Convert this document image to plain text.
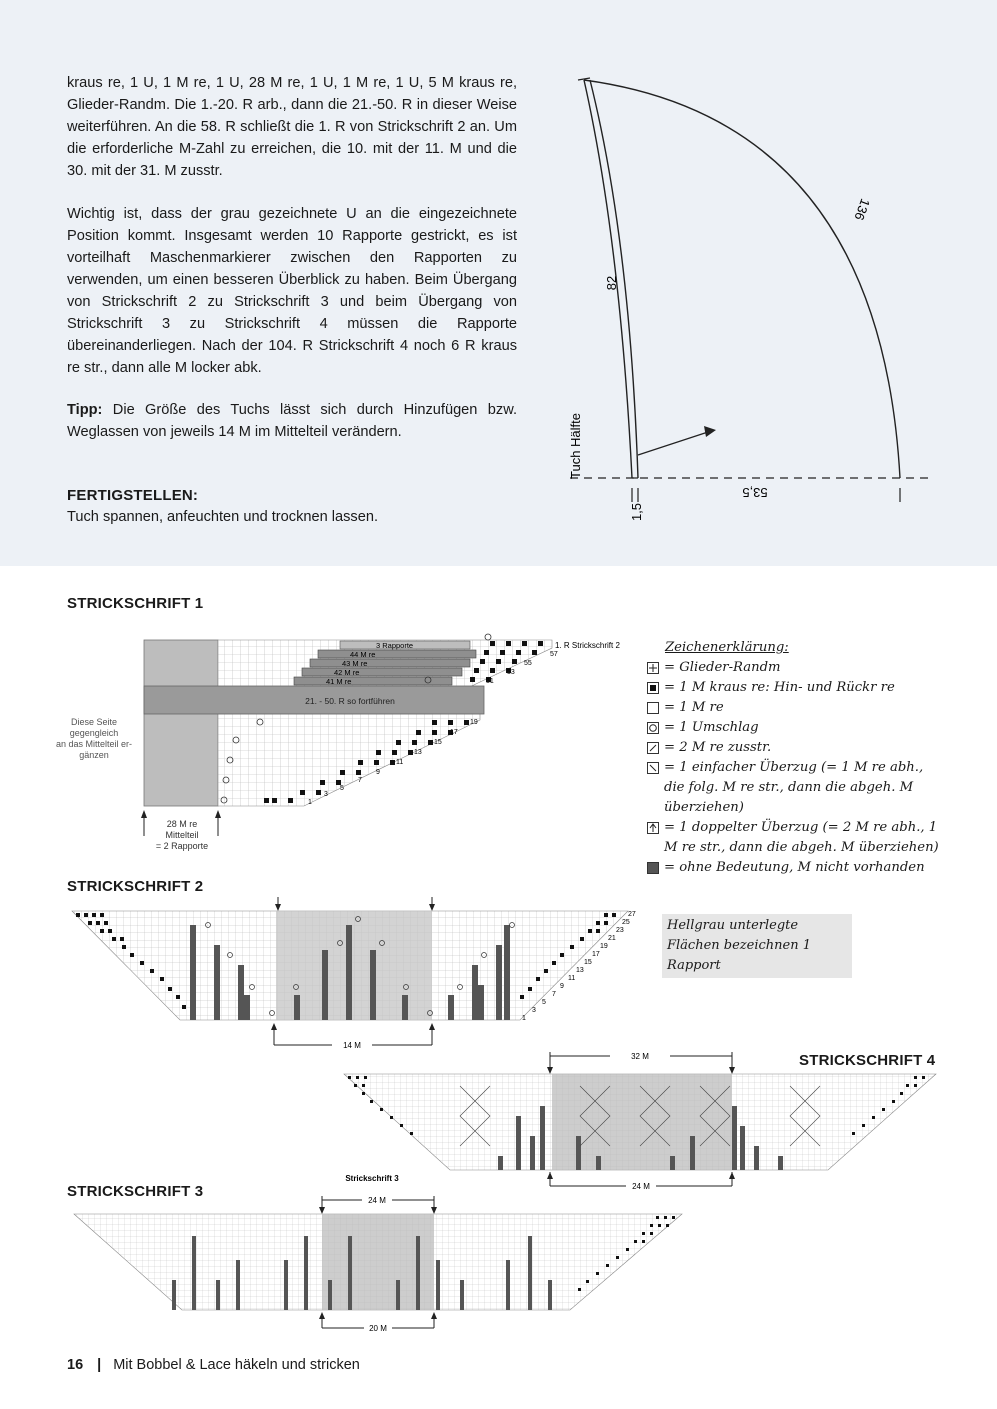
kraus re, 1 U, 1 M re, 1 U, 28 M re, 1 U, 1 M re, 1 U, 5 M kraus re, Glieder-Randm. Die 1.-20. R arb., dann die 21.-50. R in dieser Weise weiterführen. An die 58. R schließt die 1. R von Strickschrift 2 an. Um die erforderliche M-Zahl zu erreichen, die 10. mit der 11. M und die 30. mit der 31. M zusstr.

Wichtig ist, dass der grau gezeichnete U an die eingezeichnete Position kommt. Insgesamt werden 10 Rapporte gestrickt, es ist vorteilhaft Maschenmarkierer zwischen den Rapporten zu verwenden, um einen besseren Überblick zu haben. Beim Übergang von Strickschrift 2 zu Strickschrift 3 und beim Übergang von Strickschrift 3 zu Strickschrift 4 müssen die Rapporte übereinanderliegen. Nach der 104. R Strickschrift 4 noch 6 R kraus re str., dann alle M locker abk.

Tipp: Die Größe des Tuchs lässt sich durch Hinzufügen bzw. Weglassen von jeweils 14 M im Mittelteil verändern.

FERTIGSTELLEN:

Tuch spannen, anfeuchten und trocknen lassen.

82
136
53,5
1,5
Tuch Hälfte

STRICKSCHRIFT 1

Diese Seite
gegengleich
an das Mittelteil er-
gänzen
21. - 50. R so fortführen
3 Rapporte
44 M re
43 M re
42 M re
41 M re
1. R Strickschrift 2
57
55
53
51
19
17
15
13
11
9
7
5
3
1
28 M re
Mittelteil
= 2 Rapporte
Zeichenerklärung:
= Glieder-Randm
= 1 M kraus re: Hin- und Rückr re
= 1 M re
= 1 Umschlag
= 2 M re zusstr.
= 1 einfacher Überzug (= 1 M re abh., die folg. M re str., dann die abgeh. M überziehen)
= 1 doppelter Überzug (= 2 M re abh., 1 M re str., dann die abgeh. M überziehen)
= ohne Bedeutung, M nicht vorhanden
Hellgrau unterlegte Flächen bezeichnen 1 Rapport

STRICKSCHRIFT 2

27
25
23
21
19
17
15
13
11
9
7
5
3
1
14 M

STRICKSCHRIFT 4

32 M
24 M

STRICKSCHRIFT 3

Strickschrift 3
24 M
20 M
16 | Mit Bobbel & Lace häkeln und stricken
